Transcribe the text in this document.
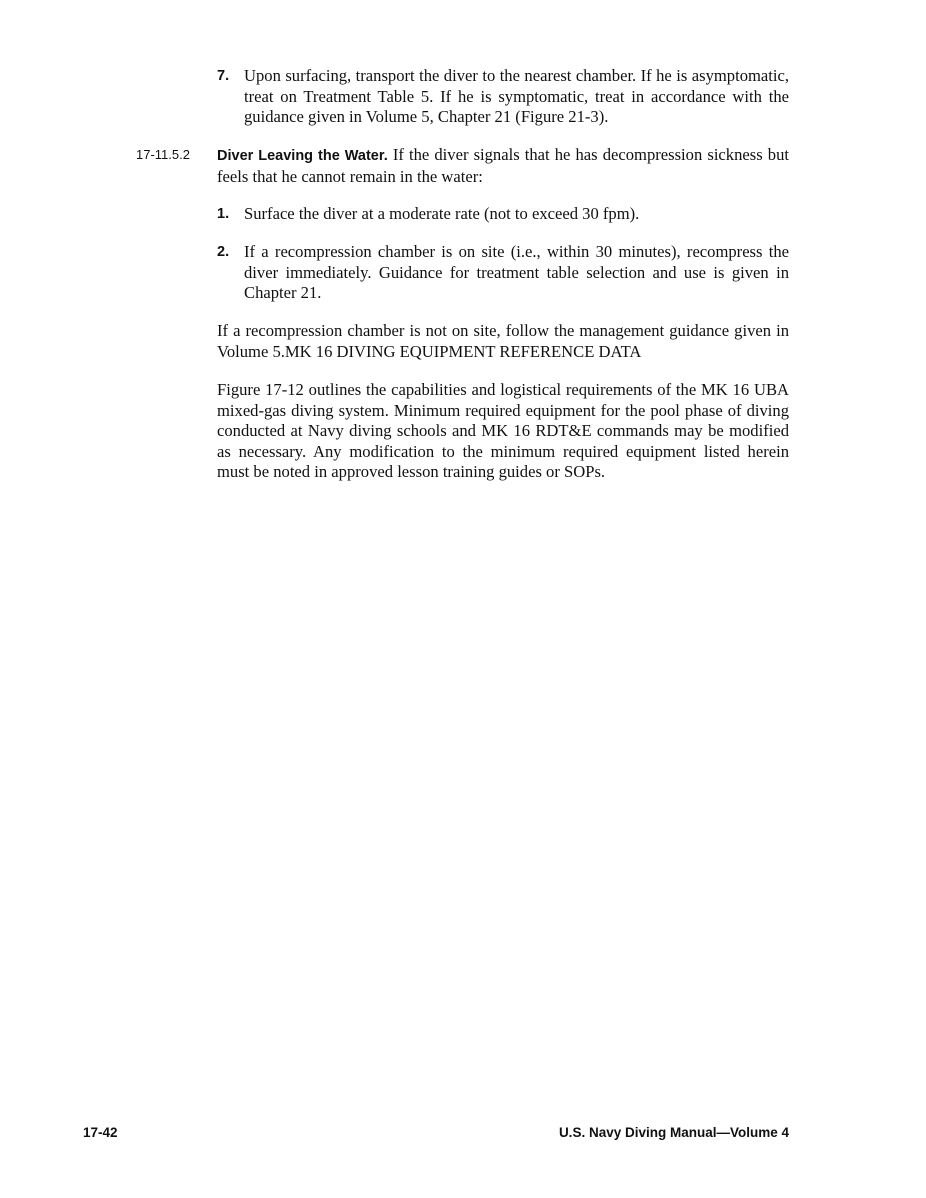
7. Upon surfacing, transport the diver to the nearest chamber. If he is asymptomatic, treat on Treatment Table 5. If he is symptomatic, treat in accordance with the guidance given in Volume 5, Chapter 21 (Figure 21-3).
17-11.5.2 Diver Leaving the Water. If the diver signals that he has decompression sickness but feels that he cannot remain in the water:
1. Surface the diver at a moderate rate (not to exceed 30 fpm).
2. If a recompression chamber is on site (i.e., within 30 minutes), recompress the diver immediately. Guidance for treatment table selection and use is given in Chapter 21.
If a recompression chamber is not on site, follow the management guidance given in Volume 5.MK 16 DIVING EQUIPMENT REFERENCE DATA
Figure 17-12 outlines the capabilities and logistical requirements of the MK 16 UBA mixed-gas diving system. Minimum required equipment for the pool phase of diving conducted at Navy diving schools and MK 16 RDT&E commands may be modified as necessary. Any modification to the minimum required equipment listed herein must be noted in approved lesson training guides or SOPs.
17-42	U.S. Navy Diving Manual—Volume 4
